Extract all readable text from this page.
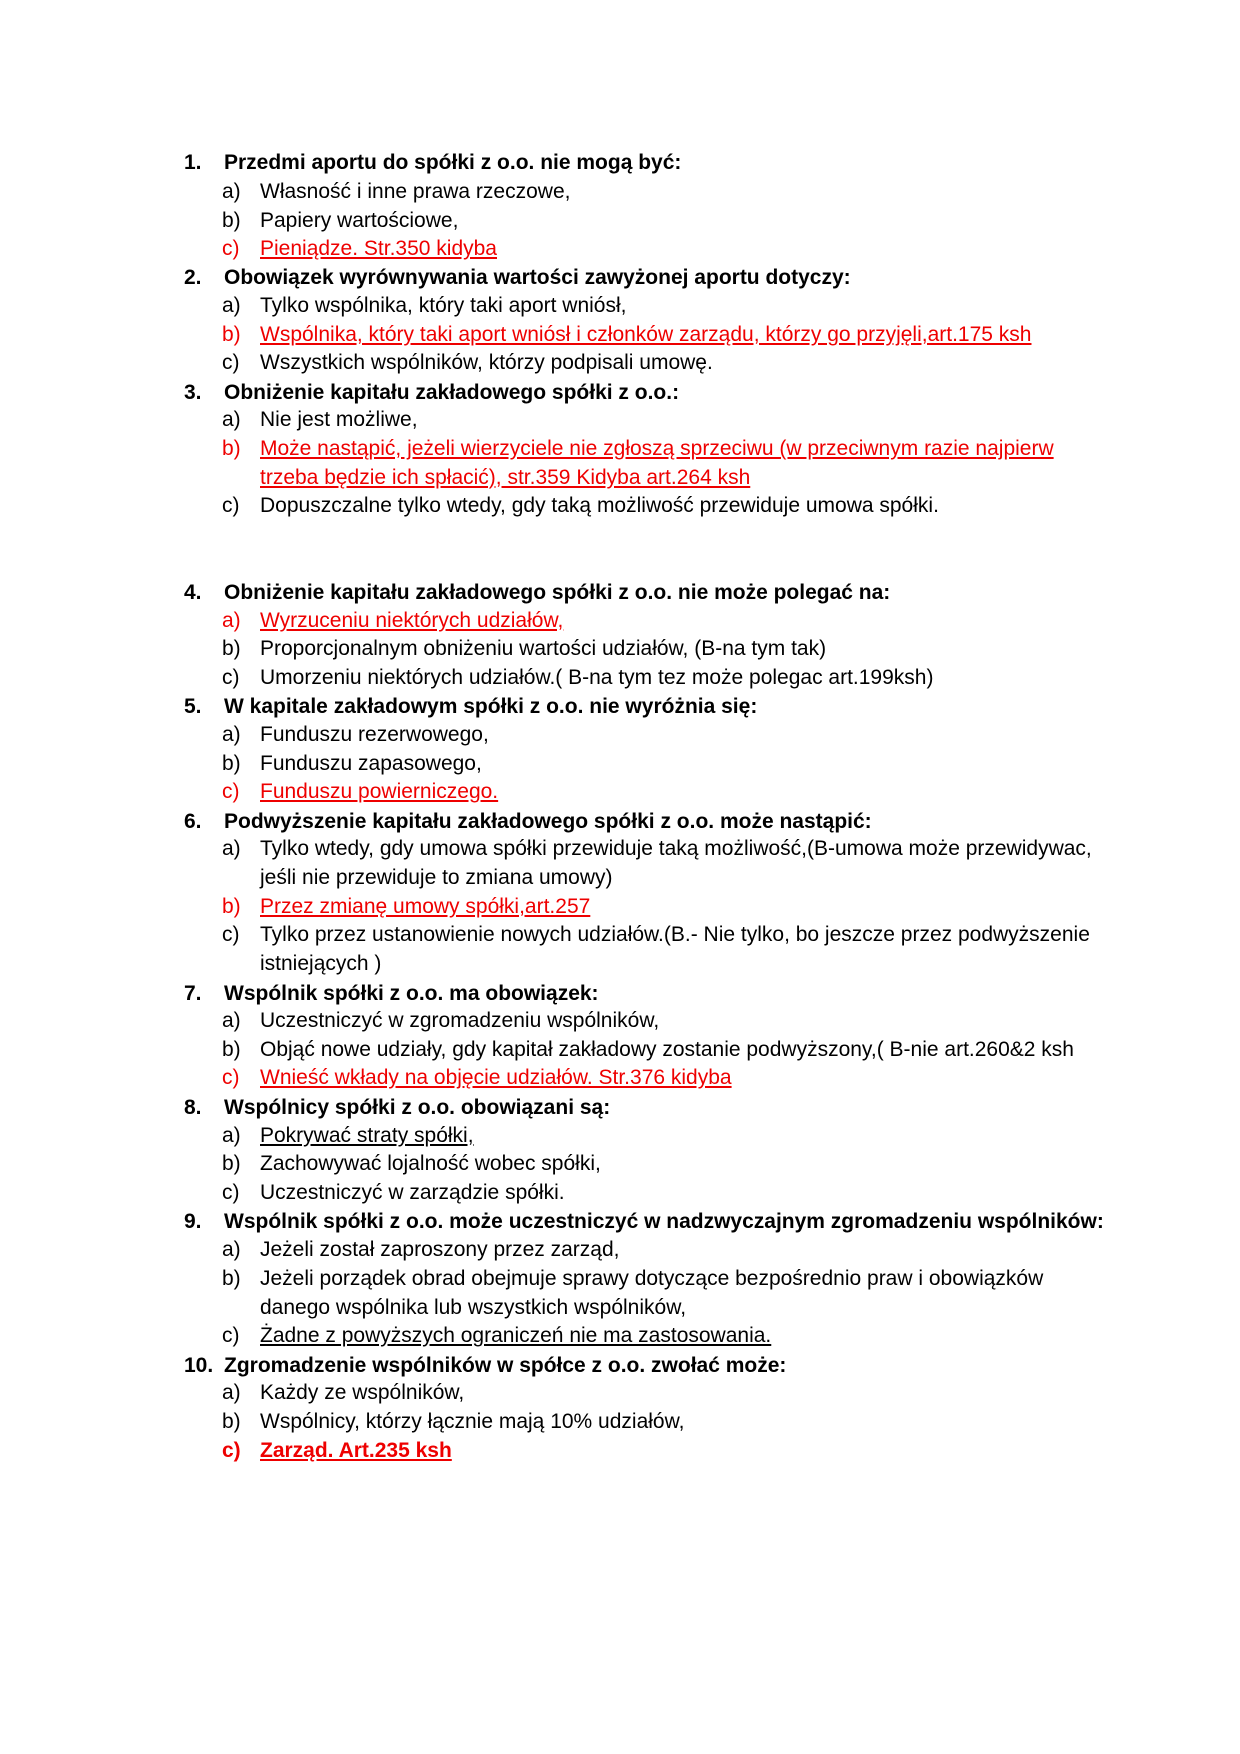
1. Przedmi aportu do spółki z o.o. nie mogą być:
a) Własność i inne prawa rzeczowe,
b) Papiery wartościowe,
c) Pieniądze. Str.350 kidyba
2. Obowiązek wyrównywania wartości zawyżonej aportu dotyczy:
a) Tylko wspólnika, który taki aport wniósł,
b) Wspólnika, który taki aport wniósł i członków zarządu, którzy go przyjęli,art.175 ksh
c) Wszystkich wspólników, którzy podpisali umowę.
3. Obniżenie kapitału zakładowego spółki z o.o.:
a) Nie jest możliwe,
b) Może nastąpić, jeżeli wierzyciele nie zgłoszą sprzeciwu (w przeciwnym razie najpierw
trzeba będzie ich spłacić), str.359 Kidyba art.264 ksh
c) Dopuszczalne tylko wtedy, gdy taką możliwość przewiduje umowa spółki.
4. Obniżenie kapitału zakładowego spółki z o.o. nie może polegać na:
a) Wyrzuceniu niektórych udziałów,
b) Proporcjonalnym obniżeniu wartości udziałów, (B-na tym tak)
c) Umorzeniu niektórych udziałów.( B-na tym tez może polegac art.199ksh)
5. W kapitale zakładowym spółki z o.o. nie wyróżnia się:
a) Funduszu rezerwowego,
b) Funduszu zapasowego,
c) Funduszu powierniczego.
6. Podwyższenie kapitału zakładowego spółki z o.o. może nastąpić:
a) Tylko wtedy, gdy umowa spółki przewiduje taką możliwość,(B-umowa może przewidywac,
jeśli nie przewiduje to zmiana umowy)
b) Przez zmianę umowy spółki,art.257
c) Tylko przez ustanowienie nowych udziałów.(B.- Nie tylko, bo jeszcze przez podwyższenie
istniejących )
7. Wspólnik spółki z o.o. ma obowiązek:
a) Uczestniczyć w zgromadzeniu wspólników,
b) Objąć nowe udziały, gdy kapitał zakładowy zostanie podwyższony,( B-nie art.260&2 ksh
c) Wnieść wkłady na objęcie udziałów. Str.376 kidyba
8. Wspólnicy spółki z o.o. obowiązani są:
a) Pokrywać straty spółki,
b) Zachowywać lojalność wobec spółki,
c) Uczestniczyć w zarządzie spółki.
9. Wspólnik spółki z o.o. może uczestniczyć w nadzwyczajnym zgromadzeniu wspólników:
a) Jeżeli został zaproszony przez zarząd,
b) Jeżeli porządek obrad obejmuje sprawy dotyczące bezpośrednio praw i obowiązków
danego wspólnika lub wszystkich wspólników,
c) Żadne z powyższych ograniczeń nie ma zastosowania.
10. Zgromadzenie wspólników w spółce z o.o. zwołać może:
a) Każdy ze wspólników,
b) Wspólnicy, którzy łącznie mają 10% udziałów,
c) Zarząd. Art.235 ksh
